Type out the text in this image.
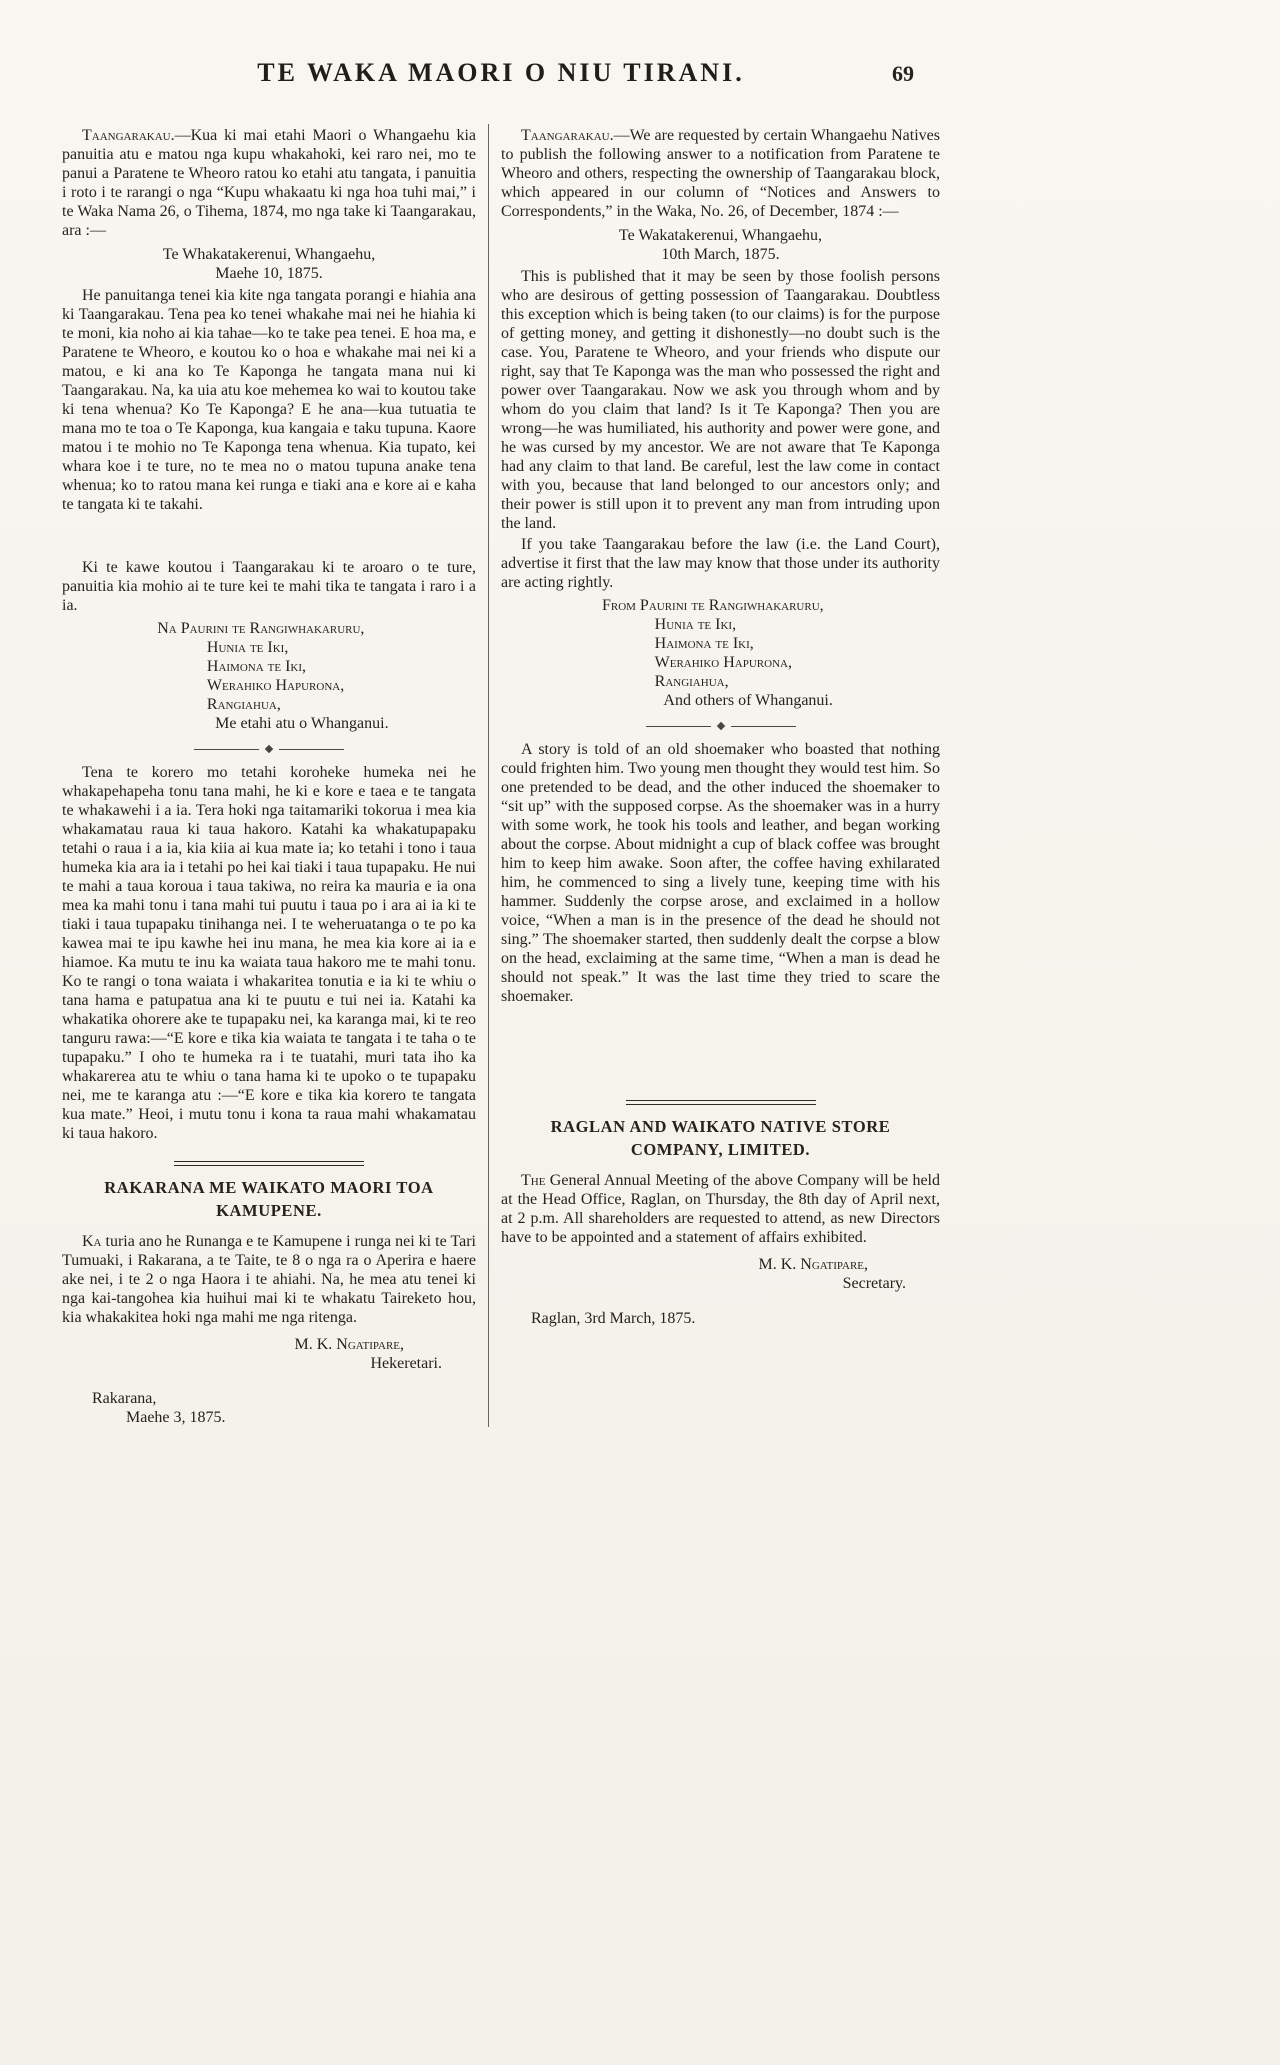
TE WAKA MAORI O NIU TIRANI.	69

Taangarakau.—Kua ki mai etahi Maori o Whangaehu kia panuitia atu e matou nga kupu whakahoki, kei raro nei, mo te panui a Paratene te Wheoro ratou ko etahi atu tangata, i panuitia i roto i te rarangi o nga “Kupu whakaatu ki nga hoa tuhi mai,” i te Waka Nama 26, o Tihema, 1874, mo nga take ki Taangarakau, ara :—

Te Whakatakerenui, Whangaehu,
Maehe 10, 1875.

He panuitanga tenei kia kite nga tangata porangi e hiahia ana ki Taangarakau. Tena pea ko tenei whakahe mai nei he hiahia ki te moni, kia noho ai kia tahae—ko te take pea tenei. E hoa ma, e Paratene te Wheoro, e koutou ko o hoa e whakahe mai nei ki a matou, e ki ana ko Te Kaponga he tangata mana nui ki Taangarakau. Na, ka uia atu koe mehemea ko wai to koutou take ki tena whenua? Ko Te Kaponga? E he ana—kua tutuatia te mana mo te toa o Te Kaponga, kua kangaia e taku tupuna. Kaore matou i te mohio no Te Kaponga tena whenua. Kia tupato, kei whara koe i te ture, no te mea no o matou tupuna anake tena whenua; ko to ratou mana kei runga e tiaki ana e kore ai e kaha te tangata ki te takahi.

Ki te kawe koutou i Taangarakau ki te aroaro o te ture, panuitia kia mohio ai te ture kei te mahi tika te tangata i raro i a ia.

Na Paurini te Rangiwhakaruru,
Hunia te Iki,
Haimona te Iki,
Werahiko Hapurona,
Rangiahua,
Me etahi atu o Whanganui.

Tena te korero mo tetahi koroheke humeka nei he whakapehapeha tonu tana mahi, he ki e kore e taea e te tangata te whakawehi i a ia. Tera hoki nga taitamariki tokorua i mea kia whakamatau raua ki taua hakoro. Katahi ka whakatupapaku tetahi o raua i a ia, kia kiia ai kua mate ia; ko tetahi i tono i taua humeka kia ara ia i tetahi po hei kai tiaki i taua tupapaku. He nui te mahi a taua koroua i taua takiwa, no reira ka mauria e ia ona mea ka mahi tonu i tana mahi tui puutu i taua po i ara ai ia ki te tiaki i taua tupapaku tinihanga nei. I te weheruatanga o te po ka kawea mai te ipu kawhe hei inu mana, he mea kia kore ai ia e hiamoe. Ka mutu te inu ka waiata taua hakoro me te mahi tonu. Ko te rangi o tona waiata i whakaritea tonutia e ia ki te whiu o tana hama e patupatua ana ki te puutu e tui nei ia. Katahi ka whakatika ohorere ake te tupapaku nei, ka karanga mai, ki te reo tanguru rawa:—“E kore e tika kia waiata te tangata i te taha o te tupapaku.” I oho te humeka ra i te tuatahi, muri tata iho ka whakarerea atu te whiu o tana hama ki te upoko o te tupapaku nei, me te karanga atu :—“E kore e tika kia korero te tangata kua mate.” Heoi, i mutu tonu i kona ta raua mahi whakamatau ki taua hakoro.

RAKARANA ME WAIKATO MAORI TOA KAMUPENE.

Ka turia ano he Runanga e te Kamupene i runga nei ki te Tari Tumuaki, i Rakarana, a te Taite, te 8 o nga ra o Aperira e haere ake nei, i te 2 o nga Haora i te ahiahi. Na, he mea atu tenei ki nga kai-tangohea kia huihui mai ki te whakatu Taireketo hou, kia whakakitea hoki nga mahi me nga ritenga.

M. K. Ngatipare,
Hekeretari.
Rakarana,
Maehe 3, 1875.

Taangarakau.—We are requested by certain Whangaehu Natives to publish the following answer to a notification from Paratene te Wheoro and others, respecting the ownership of Taangarakau block, which appeared in our column of “Notices and Answers to Correspondents,” in the Waka, No. 26, of December, 1874 :—

Te Wakatakerenui, Whangaehu,
10th March, 1875.

This is published that it may be seen by those foolish persons who are desirous of getting possession of Taangarakau. Doubtless this exception which is being taken (to our claims) is for the purpose of getting money, and getting it dishonestly—no doubt such is the case. You, Paratene te Wheoro, and your friends who dispute our right, say that Te Kaponga was the man who possessed the right and power over Taangarakau. Now we ask you through whom and by whom do you claim that land? Is it Te Kaponga? Then you are wrong—he was humiliated, his authority and power were gone, and he was cursed by my ancestor. We are not aware that Te Kaponga had any claim to that land. Be careful, lest the law come in contact with you, because that land belonged to our ancestors only; and their power is still upon it to prevent any man from intruding upon the land.

If you take Taangarakau before the law (i.e. the Land Court), advertise it first that the law may know that those under its authority are acting rightly.

From Paurini te Rangiwhakaruru,
Hunia te Iki,
Haimona te Iki,
Werahiko Hapurona,
Rangiahua,
And others of Whanganui.

A story is told of an old shoemaker who boasted that nothing could frighten him. Two young men thought they would test him. So one pretended to be dead, and the other induced the shoemaker to “sit up” with the supposed corpse. As the shoemaker was in a hurry with some work, he took his tools and leather, and began working about the corpse. About midnight a cup of black coffee was brought him to keep him awake. Soon after, the coffee having exhilarated him, he commenced to sing a lively tune, keeping time with his hammer. Suddenly the corpse arose, and exclaimed in a hollow voice, “When a man is in the presence of the dead he should not sing.” The shoemaker started, then suddenly dealt the corpse a blow on the head, exclaiming at the same time, “When a man is dead he should not speak.” It was the last time they tried to scare the shoemaker.

RAGLAN AND WAIKATO NATIVE STORE COMPANY, LIMITED.

The General Annual Meeting of the above Company will be held at the Head Office, Raglan, on Thursday, the 8th day of April next, at 2 p.m. All shareholders are requested to attend, as new Directors have to be appointed and a statement of affairs exhibited.

M. K. Ngatipare,
Secretary.
Raglan, 3rd March, 1875.
